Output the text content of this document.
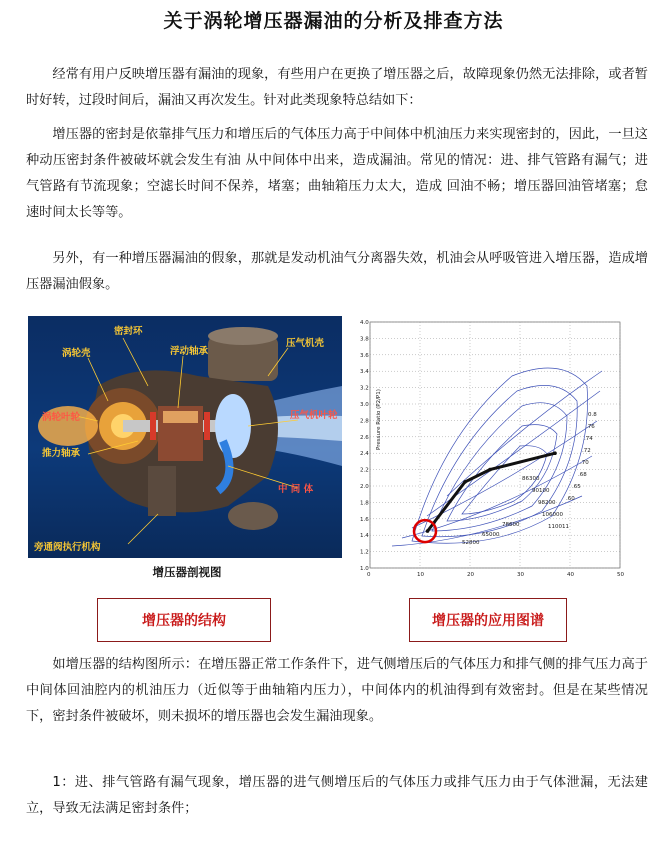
关于涡轮增压器漏油的分析及排查方法

经常有用户反映增压器有漏油的现象，有些用户在更换了增压器之后，故障现象仍然无法排除，或者暂时好转，过段时间后，漏油又再次发生。针对此类现象特总结如下：

增压器的密封是依靠排气压力和增压后的气体压力高于中间体中机油压力来实现密封的，因此，一旦这种动压密封条件被破坏就会发生有油 从中间体中出来，造成漏油。常见的情况：进、排气管路有漏气；进气管路有节流现象；空滤长时间不保养，堵塞；曲轴箱压力太大，造成 回油不畅；增压器回油管堵塞；怠速时间太长等等。

另外，有一种增压器漏油的假象，那就是发动机油气分离器失效，机油会从呼吸管进入增压器，造成增压器漏油假象。

密封环
涡轮壳	浮动轴承
压气机壳
涡轮叶轮	压气机叶轮
推力轴承
中 间 体
旁通阀执行机构
增压器剖视图	0	10	20	30	40	50
1.0
1.2
1.4
1.6
1.8
2.0
2.2
2.4
2.6
2.8
3.0
3.2
3.4
3.6
3.8
4.0
0.8
.76
.74
.72
.70
.68
.65
.60
110011
106000
98200
90100
86300
78600
65000
52800
Pressure Ratio (P2/P1)
增压器的结构	增压器的应用图谱

如增压器的结构图所示：在增压器正常工作条件下，进气侧增压后的气体压力和排气侧的排气压力高于中间体回油腔内的机油压力（近似等于曲轴箱内压力），中间体内的机油得到有效密封。但是在某些情况下，密封条件被破坏，则未损坏的增压器也会发生漏油现象。

1：进、排气管路有漏气现象，增压器的进气侧增压后的气体压力或排气压力由于气体泄漏，无法建立，导致无法满足密封条件；
